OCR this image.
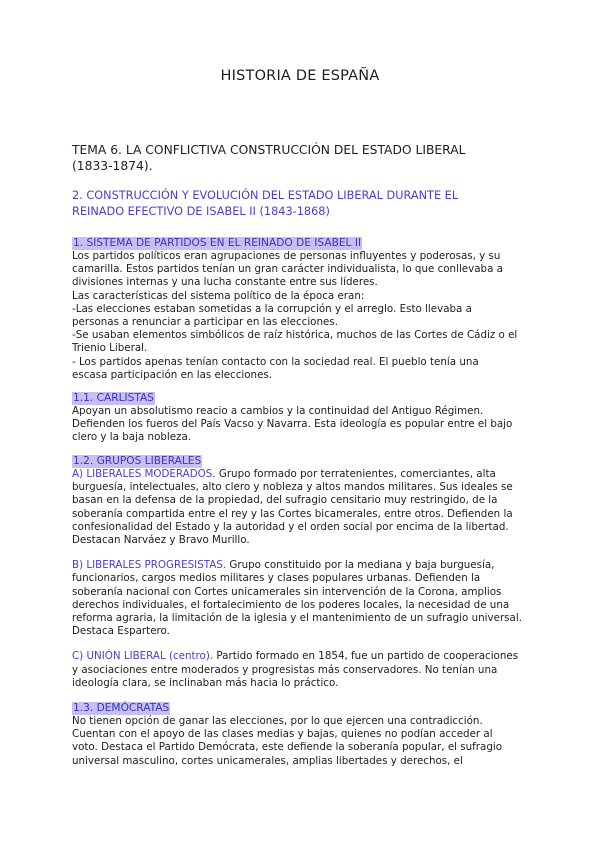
HISTORIA DE ESPAÑA
TEMA 6. LA CONFLICTIVA CONSTRUCCIÓN DEL ESTADO LIBERAL
(1833-1874).
2. CONSTRUCCIÓN Y EVOLUCIÓN DEL ESTADO LIBERAL DURANTE EL
REINADO EFECTIVO DE ISABEL II (1843-1868)
1. SISTEMA DE PARTIDOS EN EL REINADO DE ISABEL II

Los partidos políticos eran agrupaciones de personas influyentes y poderosas, y su

camarilla. Estos partidos tenían un gran carácter individualista, lo que conllevaba a

divisiones internas y una lucha constante entre sus líderes.

Las características del sistema político de la época eran:

-Las elecciones estaban sometidas a la corrupción y el arreglo. Esto llevaba a

personas a renunciar a participar en las elecciones.

-Se usaban elementos simbólicos de raíz histórica, muchos de las Cortes de Cádiz o el

Trienio Liberal.

- Los partidos apenas tenían contacto con la sociedad real. El pueblo tenía una

escasa participación en las elecciones.

1.1. CARLISTAS

Apoyan un absolutismo reacio a cambios y la continuidad del Antiguo Régimen.

Defienden los fueros del País Vacso y Navarra. Esta ideología es popular entre el bajo

clero y la baja nobleza.

1.2. GRUPOS LIBERALES

A) LIBERALES MODERADOS. Grupo formado por terratenientes, comerciantes, alta

burguesía, intelectuales, alto clero y nobleza y altos mandos militares. Sus ideales se

basan en la defensa de la propiedad, del sufragio censitario muy restringido, de la

soberanía compartida entre el rey y las Cortes bicamerales, entre otros. Defienden la

confesionalidad del Estado y la autoridad y el orden social por encima de la libertad.

Destacan Narváez y Bravo Murillo.

B) LIBERALES PROGRESISTAS. Grupo constituido por la mediana y baja burguesía,

funcionarios, cargos medios militares y clases populares urbanas. Defienden la

soberanía nacional con Cortes unicamerales sin intervención de la Corona, amplios

derechos individuales, el fortalecimiento de los poderes locales, la necesidad de una

reforma agraria, la limitación de la iglesia y el mantenimiento de un sufragio universal.

Destaca Espartero.

C) UNIÓN LIBERAL (centro). Partido formado en 1854, fue un partido de cooperaciones

y asociaciones entre moderados y progresistas más conservadores. No tenían una

ideología clara, se inclinaban más hacia lo práctico.

1.3. DEMÓCRATAS

No tienen opción de ganar las elecciones, por lo que ejercen una contradicción.

Cuentan con el apoyo de las clases medias y bajas, quienes no podían acceder al

voto. Destaca el Partido Demócrata, este defiende la soberanía popular, el sufragio

universal masculino, cortes unicamerales, amplias libertades y derechos, el
